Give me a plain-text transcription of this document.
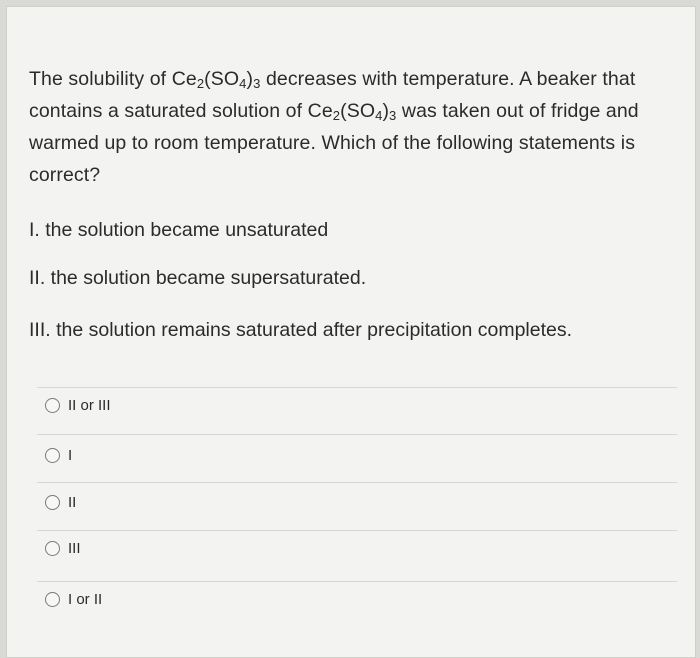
The solubility of $Ce_2(SO_4)_3$ decreases with temperature. A beaker that contains a saturated solution of $Ce_2(SO_4)_3$ was taken out of fridge and warmed up to room temperature. Which of the following statements is correct?
I. the solution became unsaturated
II. the solution became supersaturated.
III. the solution remains saturated after precipitation completes.
II or III
I
II
III
I or II
